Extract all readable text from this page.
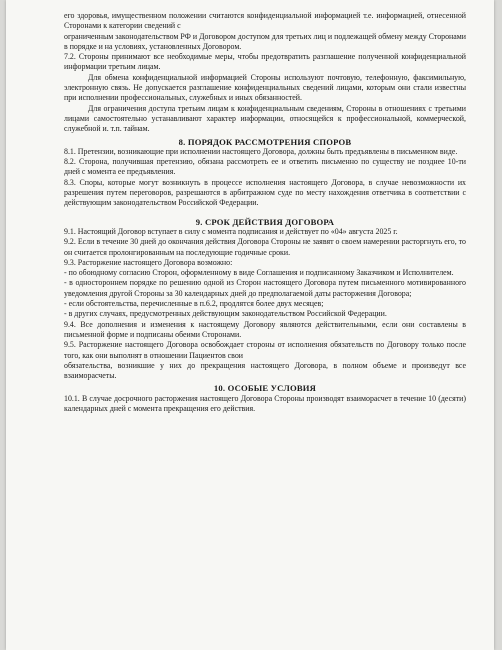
его здоровья, имущественном положении считаются конфиденциальной информацией т.е. информацией, отнесенной Сторонами к категории сведений с

ограниченным законодательством РФ и Договором доступом для третьих лиц и подлежащей обмену между Сторонами в порядке и на условиях, установленных Договором.

7.2. Стороны принимают все необходимые меры, чтобы предотвратить разглашение полученной конфиденциальной информации третьим лицам.

Для обмена конфиденциальной информацией Стороны используют почтовую, телефонную, факсимильную, электронную связь. Не допускается разглашение конфиденциальных сведений лицами, которым они стали известны при исполнении профессиональных, служебных и иных обязанностей.

Для ограничения доступа третьим лицам к конфиденциальным сведениям, Стороны в отношениях с третьими лицами самостоятельно устанавливают характер информации, относящейся к профессиональной, коммерческой, служебной и. т.п. тайнам.

8. ПОРЯДОК РАССМОТРЕНИЯ СПОРОВ

8.1. Претензии, возникающие при исполнении настоящего Договора, должны быть предъявлены в письменном виде.

8.2. Сторона, получившая претензию, обязана рассмотреть ее и ответить письменно по существу не позднее 10-ти дней с момента ее предъявления.

8.3. Споры, которые могут возникнуть в процессе исполнения настоящего Договора, в случае невозможности их разрешения путем переговоров, разрешаются в арбитражном суде по месту нахождения ответчика в соответствии с действующим законодательством Российской Федерации.

9. СРОК ДЕЙСТВИЯ ДОГОВОРА

9.1. Настоящий Договор вступает в силу с момента подписания и действует по «04» августа 2025 г.

9.2. Если в течение 30 дней до окончания действия Договора Стороны не заявят о своем намерении расторгнуть его, то он считается пролонгированным на последующие годичные сроки.

9.3. Расторжение настоящего Договора возможно:

- по обоюдному согласию Сторон, оформленному в виде Соглашения и подписанному Заказчиком и Исполнителем.

- в одностороннем порядке по решению одной из Сторон настоящего Договора путем письменного мотивированного уведомления другой Стороны за 30 календарных дней до предполагаемой даты расторжения Договора;

- если обстоятельства, перечисленные в п.6.2, продлятся более двух месяцев;

- в других случаях, предусмотренных действующим законодательством Российской Федерации.

9.4. Все дополнения и изменения к настоящему Договору являются действительными, если они составлены в письменной форме и подписаны обеими Сторонами.

9.5. Расторжение настоящего Договора освобождает стороны от исполнения обязательств по Договору только после того, как они выполнят в отношении Пациентов свои

обязательства, возникшие у них до прекращения настоящего Договора, в полном объеме и произведут все взаиморасчеты.

10. ОСОБЫЕ УСЛОВИЯ

10.1. В случае досрочного расторжения настоящего Договора Стороны производят взаиморасчет в течение 10 (десяти) календарных дней с момента прекращения его действия.
